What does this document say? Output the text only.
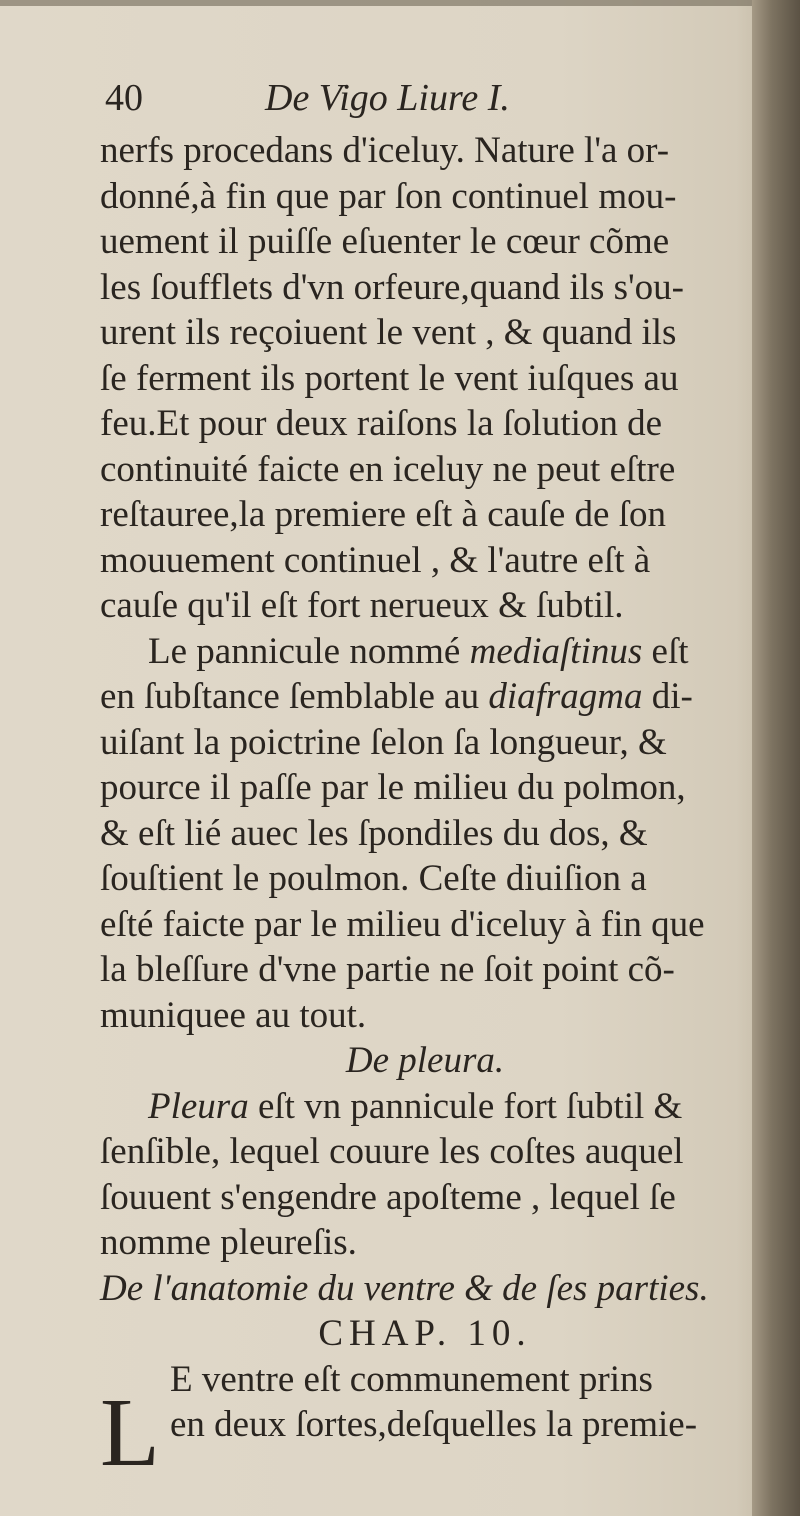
40	De Vigo Liure I.
nerfs procedans d'iceluy. Nature l'a or-
donné,à fin que par ſon continuel mou-
uement il puiſſe eſuenter le cœur cõme
les ſoufflets d'vn orfeure,quand ils s'ou-
urent ils reçoiuent le vent , & quand ils
ſe ferment ils portent le vent iuſques au
feu.Et pour deux raiſons la ſolution de
continuité faicte en iceluy ne peut eſtre
reſtauree,la premiere eſt à cauſe de ſon
mouuement continuel , & l'autre eſt à
cauſe qu'il eſt fort nerueux & ſubtil.
Le pannicule nommé mediaſtinus eſt
en ſubſtance ſemblable au diafragma di-
uiſant la poictrine ſelon ſa longueur, &
pource il paſſe par le milieu du polmon,
& eſt lié auec les ſpondiles du dos, &
ſouſtient le poulmon. Ceſte diuiſion a
eſté faicte par le milieu d'iceluy à fin que
la bleſſure d'vne partie ne ſoit point cõ-
muniquee au tout.
De pleura.
Pleura eſt vn pannicule fort ſubtil &
ſenſible, lequel couure les coſtes auquel
ſouuent s'engendre apoſteme , lequel ſe
nomme pleureſis.
De l'anatomie du ventre & de ſes parties.
CHAP. 10.
E ventre eſt communement prins
en deux ſortes,deſquelles la premie-
L
